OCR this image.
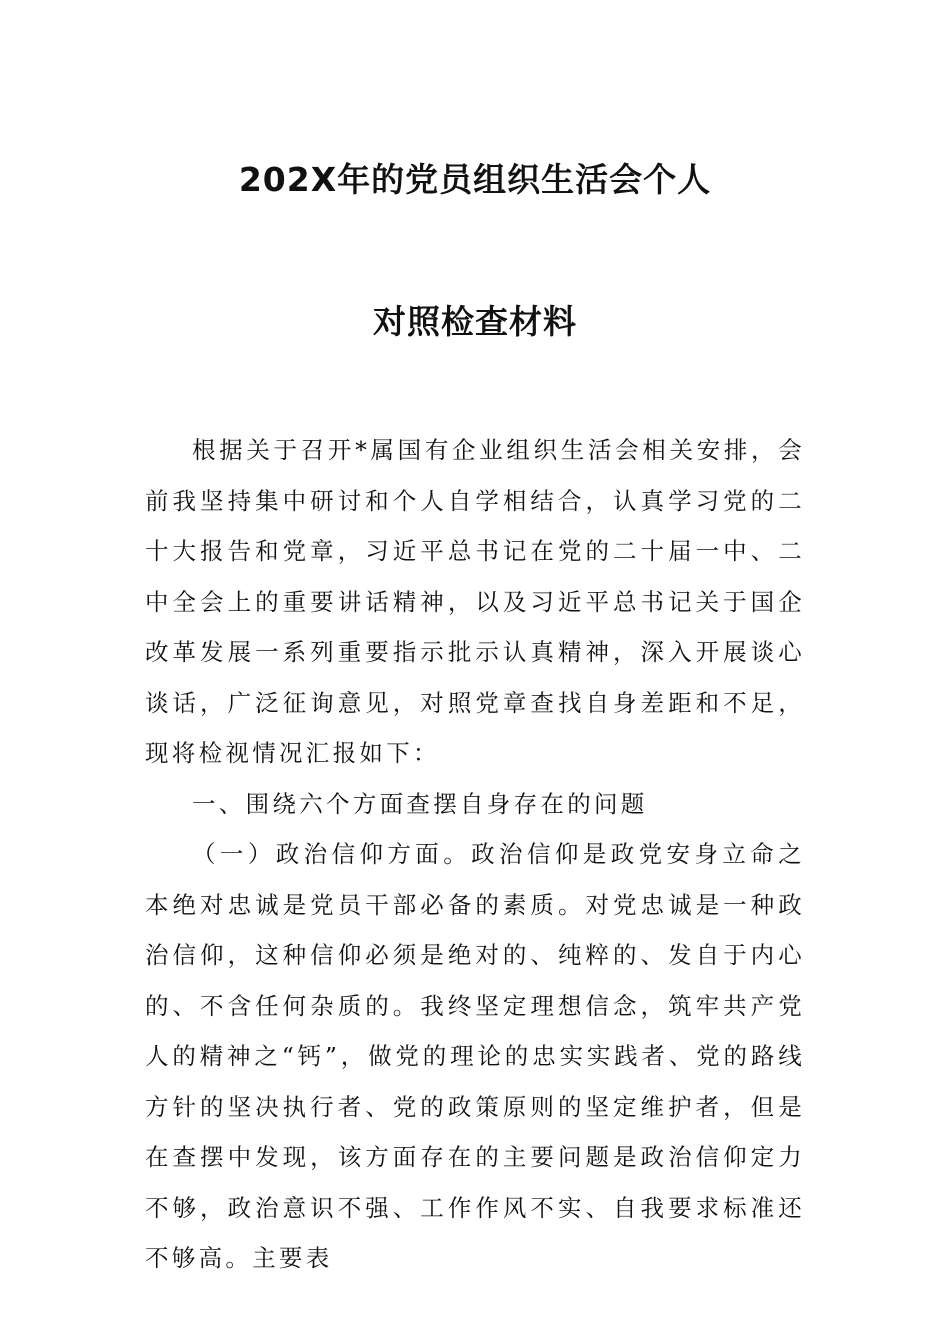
202X年的党员组织生活会个人
对照检查材料

根据关于召开*属国有企业组织生活会相关安排，会前我坚持集中研讨和个人自学相结合，认真学习党的二十大报告和党章，习近平总书记在党的二十届一中、二中全会上的重要讲话精神，以及习近平总书记关于国企改革发展一系列重要指示批示认真精神，深入开展谈心谈话，广泛征询意见，对照党章查找自身差距和不足，现将检视情况汇报如下：

一、围绕六个方面查摆自身存在的问题

（一）政治信仰方面。政治信仰是政党安身立命之本绝对忠诚是党员干部必备的素质。对党忠诚是一种政治信仰，这种信仰必须是绝对的、纯粹的、发自于内心的、不含任何杂质的。我终坚定理想信念，筑牢共产党人的精神之“钙”，做党的理论的忠实实践者、党的路线方针的坚决执行者、党的政策原则的坚定维护者，但是在查摆中发现，该方面存在的主要问题是政治信仰定力不够，政治意识不强、工作作风不实、自我要求标准还不够高。主要表
